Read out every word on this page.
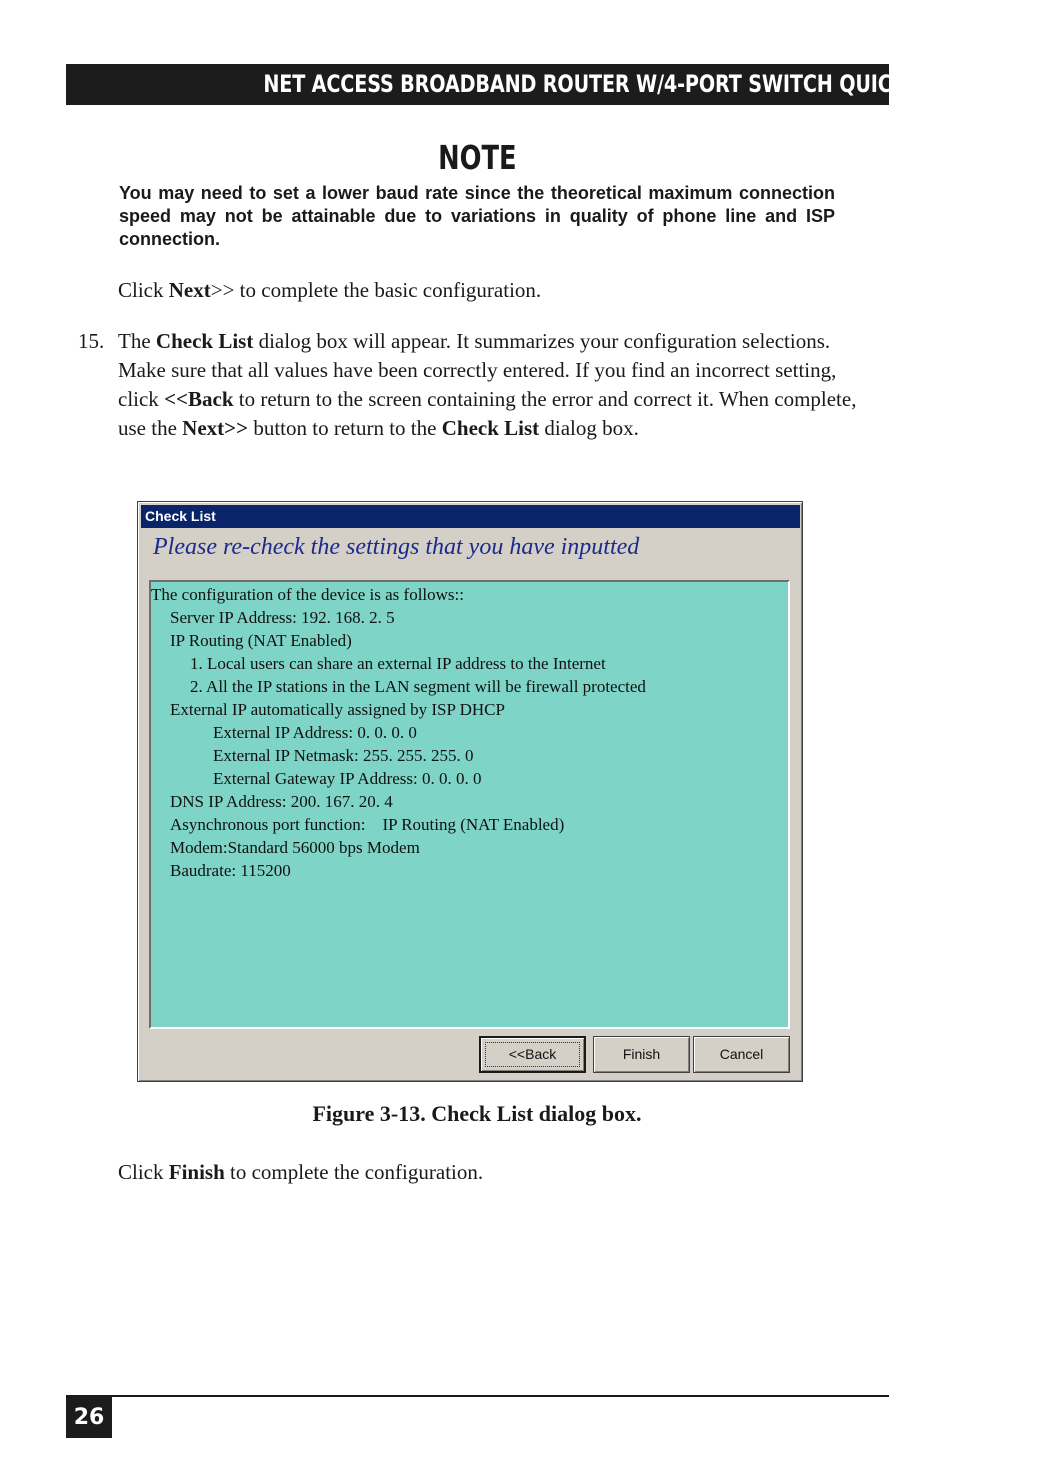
NET ACCESS BROADBAND ROUTER W/4-PORT SWITCH QUICK START GUIDE
NOTE
You may need to set a lower baud rate since the theoretical maximum connection speed may not be attainable due to variations in quality of phone line and ISP connection.
Click Next>> to complete the basic configuration.
15. The Check List dialog box will appear. It summarizes your configuration selections. Make sure that all values have been correctly entered. If you find an incorrect setting, click <<Back to return to the screen containing the error and correct it. When complete, use the Next>> button to return to the Check List dialog box.
Check List
Please re-check the settings that you have inputted
The configuration of the device is as follows::
Server IP Address: 192. 168. 2. 5
IP Routing (NAT Enabled)
1. Local users can share an external IP address to the Internet
2. All the IP stations in the LAN segment will be firewall protected
External IP automatically assigned by ISP DHCP
External IP Address: 0. 0. 0. 0
External IP Netmask: 255. 255. 255. 0
External Gateway IP Address: 0. 0. 0. 0
DNS IP Address: 200. 167. 20. 4
Asynchronous port function:    IP Routing (NAT Enabled)
Modem:Standard 56000 bps Modem
Baudrate: 115200
<<Back	Finish	Cancel
Figure 3-13. Check List dialog box.
Click Finish to complete the configuration.
26
